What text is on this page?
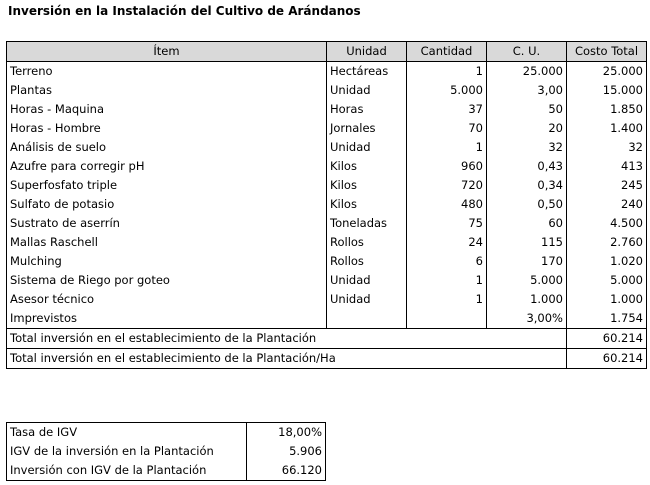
Inversión en la Instalación del Cultivo de Arándanos
Ítem	Unidad	Cantidad	C. U.	Costo Total
Terreno	Hectáreas	1	25.000	25.000
Plantas	Unidad	5.000	3,00	15.000
Horas - Maquina	Horas	37	50	1.850
Horas - Hombre	Jornales	70	20	1.400
Análisis de suelo	Unidad	1	32	32
Azufre para corregir pH	Kilos	960	0,43	413
Superfosfato triple	Kilos	720	0,34	245
Sulfato de potasio	Kilos	480	0,50	240
Sustrato de aserrín	Toneladas	75	60	4.500
Mallas Raschell	Rollos	24	115	2.760
Mulching	Rollos	6	170	1.020
Sistema de Riego por goteo	Unidad	1	5.000	5.000
Asesor técnico	Unidad	1	1.000	1.000
Imprevistos			3,00%	1.754
Total inversión en el establecimiento de la Plantación				60.214
Total inversión en el establecimiento de la Plantación/Ha				60.214
Tasa de IGV	18,00%
IGV de la inversión en la Plantación	5.906
Inversión con IGV de la Plantación	66.120
